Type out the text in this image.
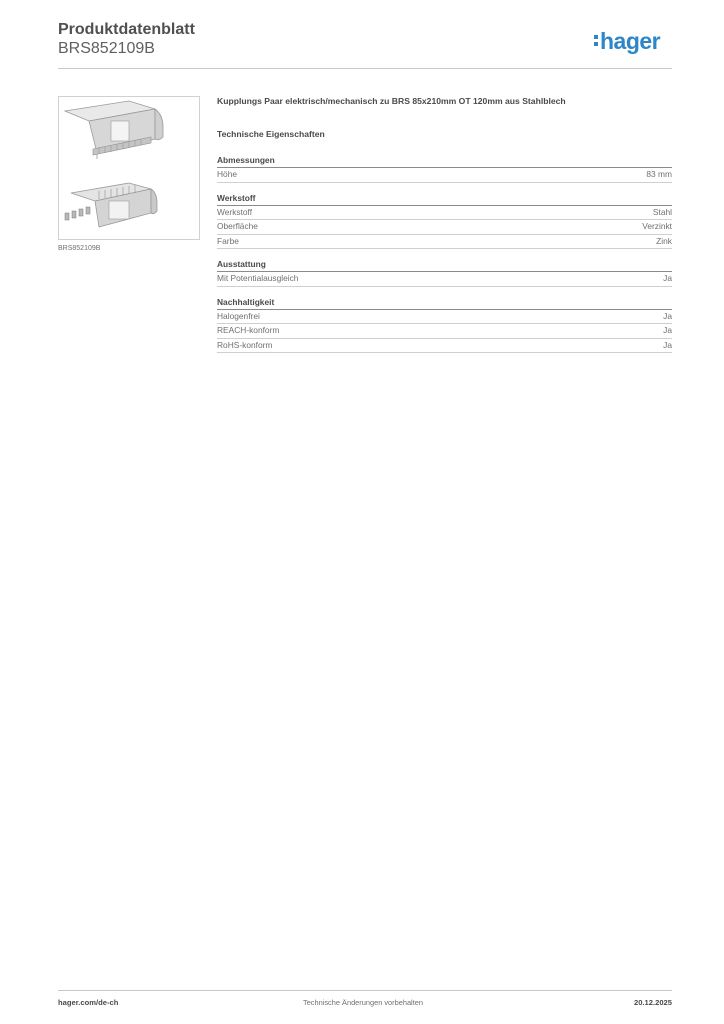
Produktdatenblatt
BRS852109B	hager
BRS852109B
Kupplungs Paar elektrisch/mechanisch zu BRS 85x210mm OT 120mm aus Stahlblech
Technische Eigenschaften
Abmessungen
Höhe	83 mm
Werkstoff
Werkstoff	Stahl
Oberfläche	Verzinkt
Farbe	Zink
Ausstattung
Mit Potentialausgleich	Ja
Nachhaltigkeit
Halogenfrei	Ja
REACH-konform	Ja
RoHS-konform	Ja
hager.com/de-ch	Technische Änderungen vorbehalten	20.12.2025
